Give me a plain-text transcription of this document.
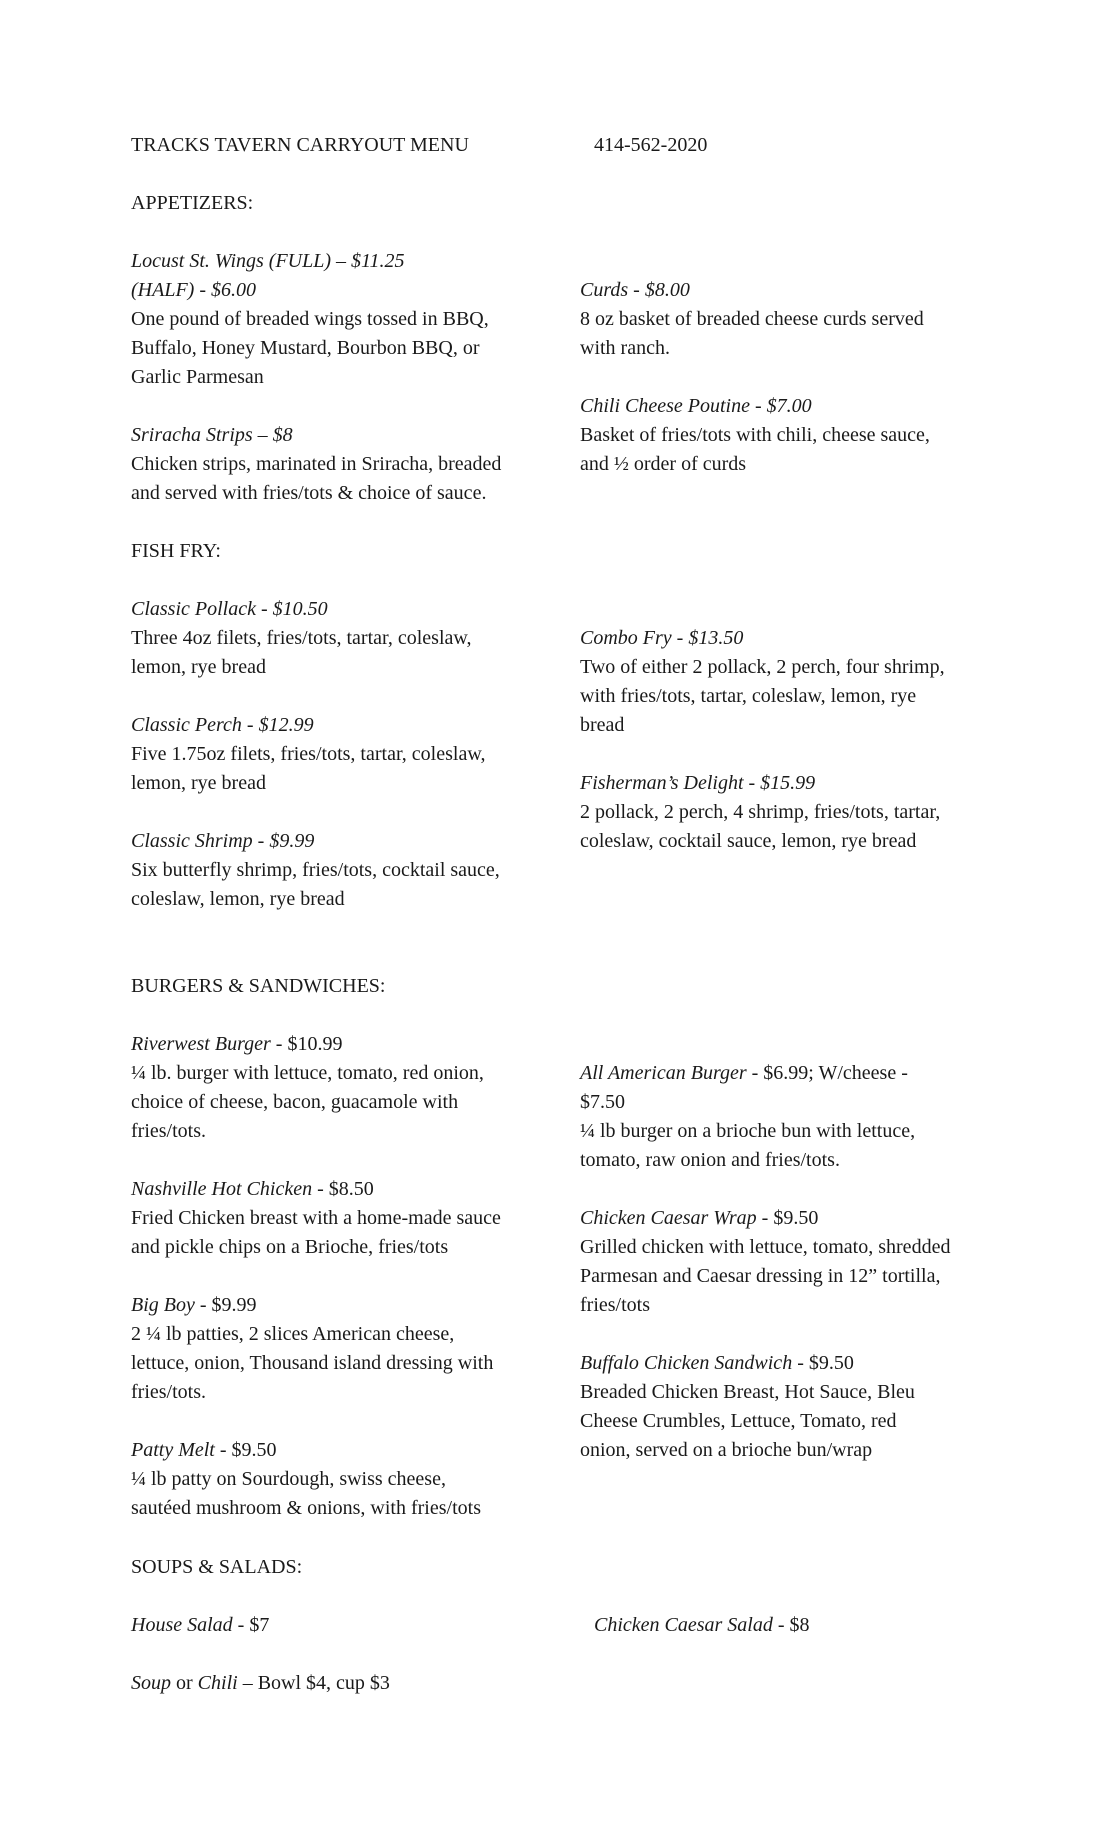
TRACKS TAVERN CARRYOUT MENU	414-562-2020
APPETIZERS:
Locust St. Wings (FULL) – $11.25
(HALF) - $6.00
One pound of breaded wings tossed in BBQ,
Buffalo, Honey Mustard, Bourbon BBQ, or
Garlic Parmesan
Sriracha Strips – $8
Chicken strips, marinated in Sriracha, breaded
and served with fries/tots & choice of sauce.
Curds - $8.00
8 oz basket of breaded cheese curds served
with ranch.
Chili Cheese Poutine - $7.00
Basket of fries/tots with chili, cheese sauce,
and ½ order of curds
FISH FRY:
Classic Pollack - $10.50
Three 4oz filets, fries/tots, tartar, coleslaw,
lemon, rye bread
Classic Perch - $12.99
Five 1.75oz filets, fries/tots, tartar, coleslaw,
lemon, rye bread
Classic Shrimp - $9.99
Six butterfly shrimp, fries/tots, cocktail sauce,
coleslaw, lemon, rye bread
Combo Fry - $13.50
Two of either 2 pollack, 2 perch, four shrimp,
with fries/tots, tartar, coleslaw, lemon, rye
bread
Fisherman’s Delight - $15.99
2 pollack, 2 perch, 4 shrimp, fries/tots, tartar,
coleslaw, cocktail sauce, lemon, rye bread
BURGERS & SANDWICHES:
Riverwest Burger - $10.99
¼ lb. burger with lettuce, tomato, red onion,
choice of cheese, bacon, guacamole with
fries/tots.
Nashville Hot Chicken - $8.50
Fried Chicken breast with a home-made sauce
and pickle chips on a Brioche, fries/tots
Big Boy - $9.99
2 ¼ lb patties, 2 slices American cheese,
lettuce, onion, Thousand island dressing with
fries/tots.
Patty Melt - $9.50
¼ lb patty on Sourdough, swiss cheese,
sautéed mushroom & onions, with fries/tots
All American Burger - $6.99; W/cheese -
$7.50
¼ lb burger on a brioche bun with lettuce,
tomato, raw onion and fries/tots.
Chicken Caesar Wrap - $9.50
Grilled chicken with lettuce, tomato, shredded
Parmesan and Caesar dressing in 12” tortilla,
fries/tots
Buffalo Chicken Sandwich - $9.50
Breaded Chicken Breast, Hot Sauce, Bleu
Cheese Crumbles, Lettuce, Tomato, red
onion, served on a brioche bun/wrap
SOUPS & SALADS:
House Salad - $7	Chicken Caesar Salad - $8
Soup or Chili – Bowl $4, cup $3
